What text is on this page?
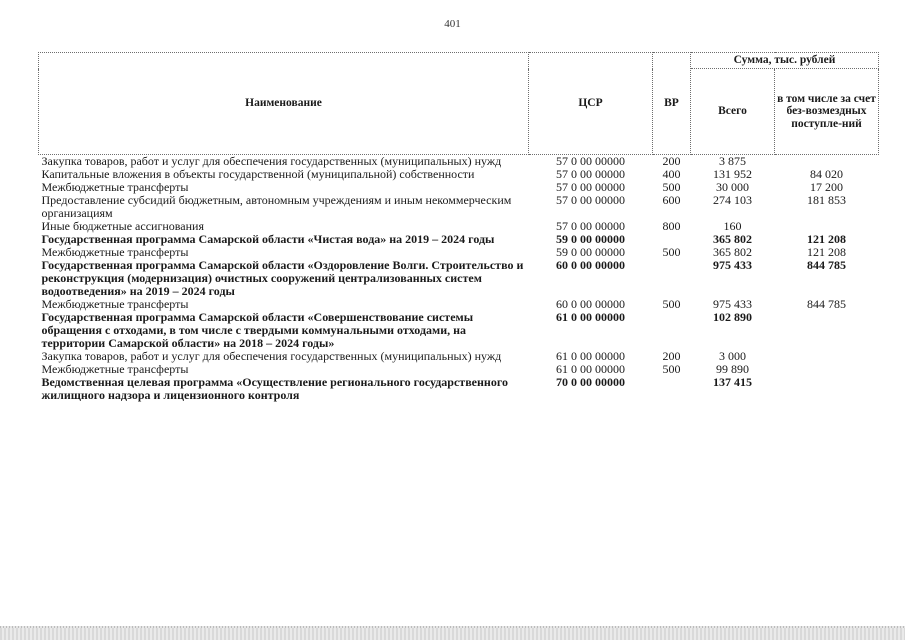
401
Наименование	ЦСР	ВР	Сумма, тыс. рублей	
			Всего	в том числе за счет без-возмездных поступле-ний
Закупка товаров, работ и услуг для обеспечения государственных (муниципальных) нужд	57 0 00 00000	200	3 875	
Капитальные вложения в объекты государственной (муниципальной) собственности	57 0 00 00000	400	131 952	84 020
Межбюджетные трансферты	57 0 00 00000	500	30 000	17 200
Предоставление субсидий бюджетным, автономным учреждениям и иным некоммерческим организациям	57 0 00 00000	600	274 103	181 853
Иные бюджетные ассигнования	57 0 00 00000	800	160	
Государственная программа Самарской области «Чистая вода» на 2019 – 2024 годы	59 0 00 00000		365 802	121 208
Межбюджетные трансферты	59 0 00 00000	500	365 802	121 208
Государственная программа Самарской области «Оздоровление Волги. Строительство и реконструкция (модернизация) очистных сооружений централизованных систем водоотведения» на 2019 – 2024 годы	60 0 00 00000		975 433	844 785
Межбюджетные трансферты	60 0 00 00000	500	975 433	844 785
Государственная программа Самарской области «Совершенствование системы обращения с отходами, в том числе с твердыми коммунальными отходами, на территории Самарской области» на 2018 – 2024 годы»	61 0 00 00000		102 890	
Закупка товаров, работ и услуг для обеспечения государственных (муниципальных) нужд	61 0 00 00000	200	3 000	
Межбюджетные трансферты	61 0 00 00000	500	99 890	
Ведомственная целевая программа «Осуществление регионального государственного жилищного надзора и лицензионного контроля	70 0 00 00000		137 415	
